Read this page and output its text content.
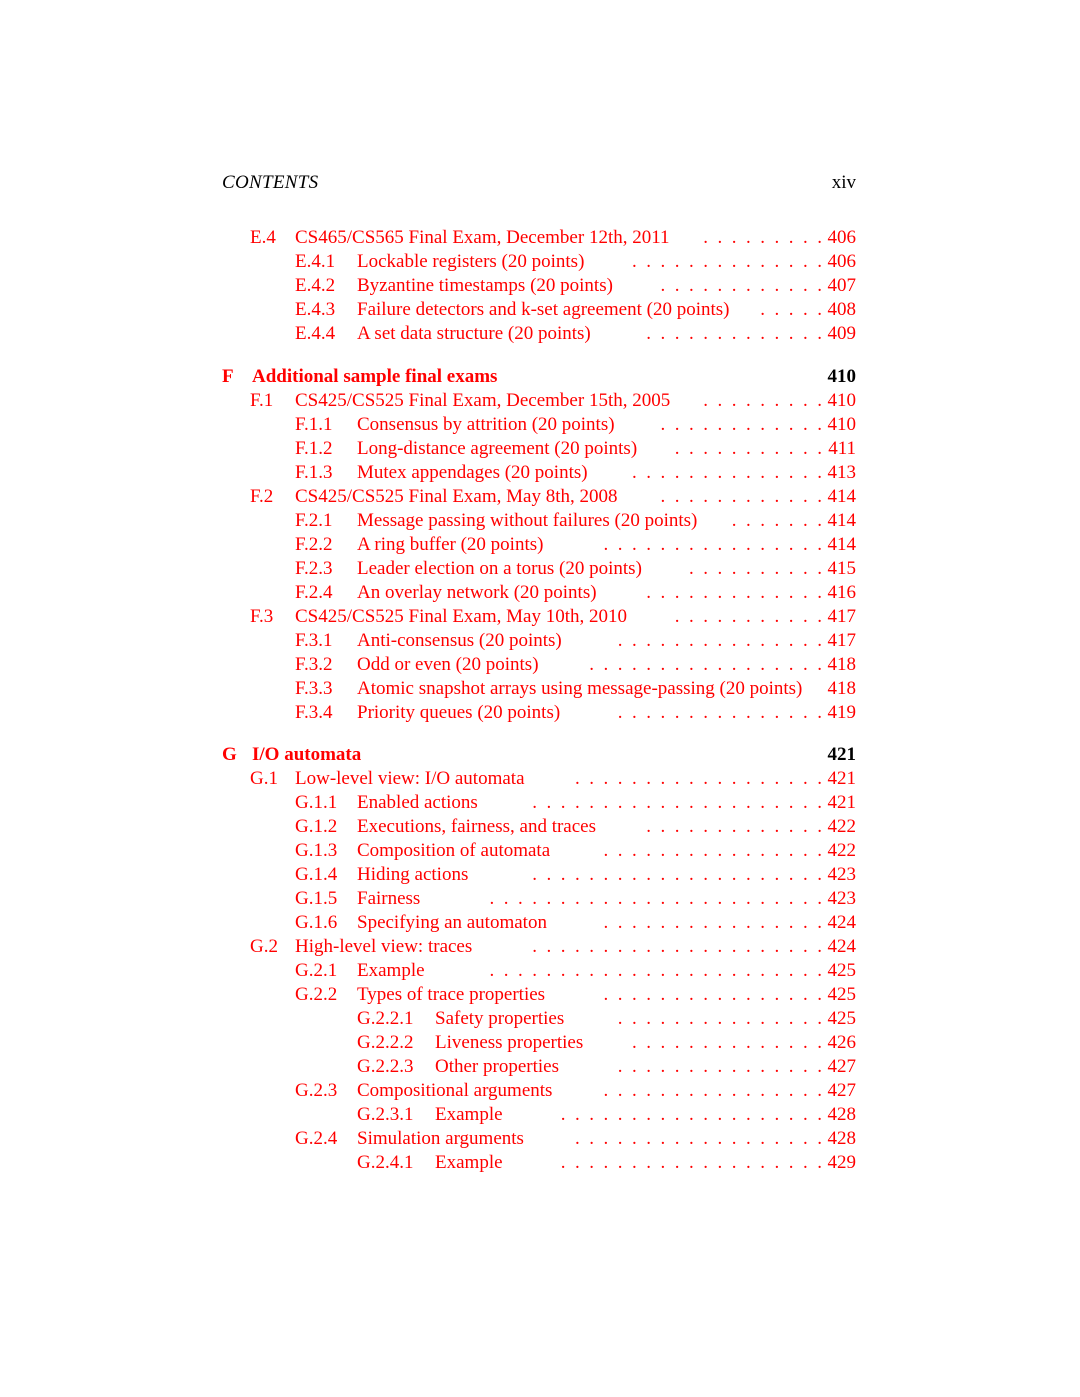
CONTENTS	xiv
E.4 CS465/CS565 Final Exam, December 12th, 2011	 . . . . . . . . . 406
E.4.1 Lockable registers (20 points)	 . . . . . . . . . . . . . . 406
E.4.2 Byzantine timestamps (20 points)	 . . . . . . . . . . . . 407
E.4.3 Failure detectors and k-set agreement (20 points)	 . . . . . 408
E.4.4 A set data structure (20 points)	 . . . . . . . . . . . . . 409
F Additional sample final exams	410
F.1 CS425/CS525 Final Exam, December 15th, 2005	 . . . . . . . . . 410
F.1.1 Consensus by attrition (20 points)	 . . . . . . . . . . . . 410
F.1.2 Long-distance agreement (20 points)	 . . . . . . . . . . . 411
F.1.3 Mutex appendages (20 points)	 . . . . . . . . . . . . . . 413
F.2 CS425/CS525 Final Exam, May 8th, 2008	 . . . . . . . . . . . . 414
F.2.1 Message passing without failures (20 points)	 . . . . . . . 414
F.2.2 A ring buffer (20 points)	 . . . . . . . . . . . . . . . . 414
F.2.3 Leader election on a torus (20 points)	 . . . . . . . . . . 415
F.2.4 An overlay network (20 points)	 . . . . . . . . . . . . . 416
F.3 CS425/CS525 Final Exam, May 10th, 2010	 . . . . . . . . . . . 417
F.3.1 Anti-consensus (20 points)	 . . . . . . . . . . . . . . . 417
F.3.2 Odd or even (20 points)	 . . . . . . . . . . . . . . . . . 418
F.3.3 Atomic snapshot arrays using message-passing (20 points) 418
F.3.4 Priority queues (20 points)	 . . . . . . . . . . . . . . . 419
G I/O automata	421
G.1 Low-level view: I/O automata	 . . . . . . . . . . . . . . . . . . 421
G.1.1 Enabled actions	 . . . . . . . . . . . . . . . . . . . . . 421
G.1.2 Executions, fairness, and traces	 . . . . . . . . . . . . . 422
G.1.3 Composition of automata	 . . . . . . . . . . . . . . . . 422
G.1.4 Hiding actions	 . . . . . . . . . . . . . . . . . . . . . 423
G.1.5 Fairness	 . . . . . . . . . . . . . . . . . . . . . . . . 423
G.1.6 Specifying an automaton	 . . . . . . . . . . . . . . . . 424
G.2 High-level view: traces	 . . . . . . . . . . . . . . . . . . . . . 424
G.2.1 Example	 . . . . . . . . . . . . . . . . . . . . . . . . 425
G.2.2 Types of trace properties	 . . . . . . . . . . . . . . . . 425
G.2.2.1 Safety properties	 . . . . . . . . . . . . . . . 425
G.2.2.2 Liveness properties	 . . . . . . . . . . . . . . 426
G.2.2.3 Other properties	 . . . . . . . . . . . . . . . 427
G.2.3 Compositional arguments	 . . . . . . . . . . . . . . . . 427
G.2.3.1 Example	 . . . . . . . . . . . . . . . . . . . 428
G.2.4 Simulation arguments	 . . . . . . . . . . . . . . . . . . 428
G.2.4.1 Example	 . . . . . . . . . . . . . . . . . . . 429
